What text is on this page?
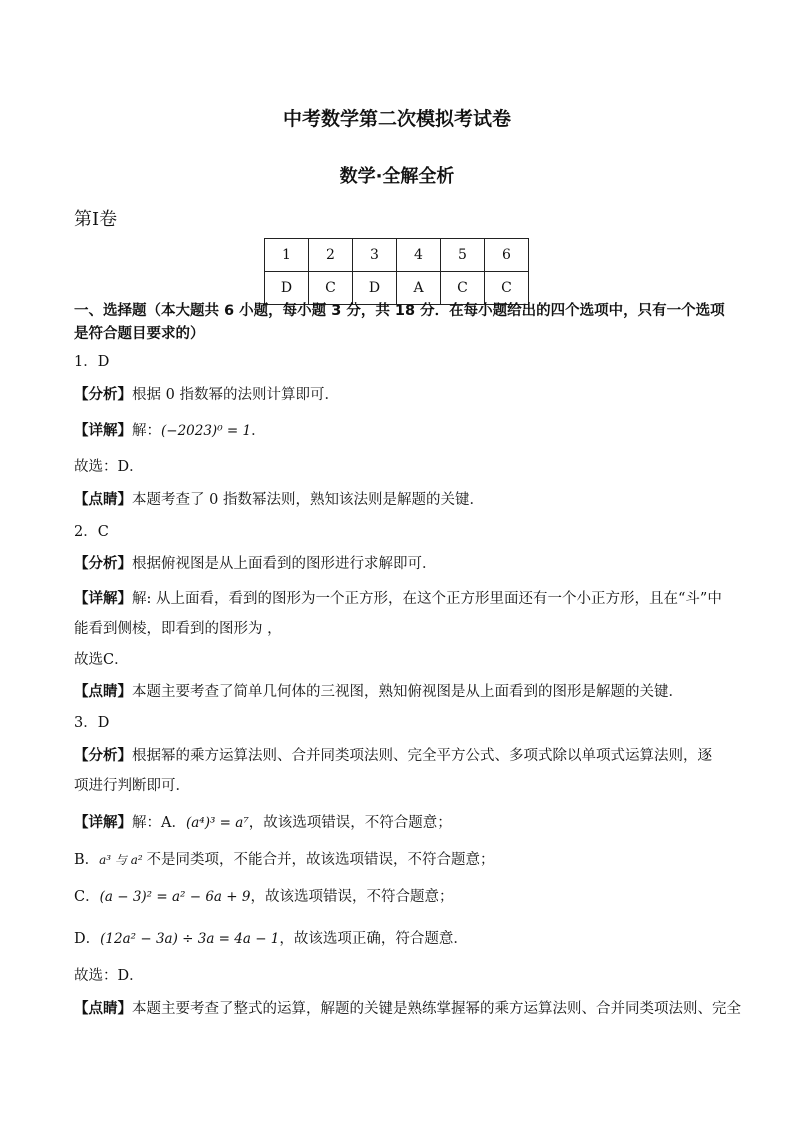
中考数学第二次模拟考试卷
数学·全解全析
第Ⅰ卷
1	2	3	4	5	6
D	C	D	A	C	C
一、选择题（本大题共 6 小题，每小题 3 分，共 18 分．在每小题给出的四个选项中，只有一个选项是符合题目要求的）
1．D
【分析】根据 0 指数幂的法则计算即可．
【详解】解：(−2023)⁰ = 1．
故选：D．
【点睛】本题考查了 0 指数幂法则，熟知该法则是解题的关键．
2．C
【分析】根据俯视图是从上面看到的图形进行求解即可．
【详解】解: 从上面看，看到的图形为一个正方形，在这个正方形里面还有一个小正方形，且在“斗”中能看到侧棱，即看到的图形为 ，
故选C．
【点睛】本题主要考查了简单几何体的三视图，熟知俯视图是从上面看到的图形是解题的关键．
3．D
【分析】根据幂的乘方运算法则、合并同类项法则、完全平方公式、多项式除以单项式运算法则，逐项进行判断即可．
【详解】解：A．(a⁴)³ = a⁷，故该选项错误，不符合题意；
B．a³ 与 a² 不是同类项，不能合并，故该选项错误，不符合题意；
C．(a − 3)² = a² − 6a + 9，故该选项错误，不符合题意；
D．(12a² − 3a) ÷ 3a = 4a − 1，故该选项正确，符合题意．
故选：D．
【点睛】本题主要考查了整式的运算，解题的关键是熟练掌握幂的乘方运算法则、合并同类项法则、完全
